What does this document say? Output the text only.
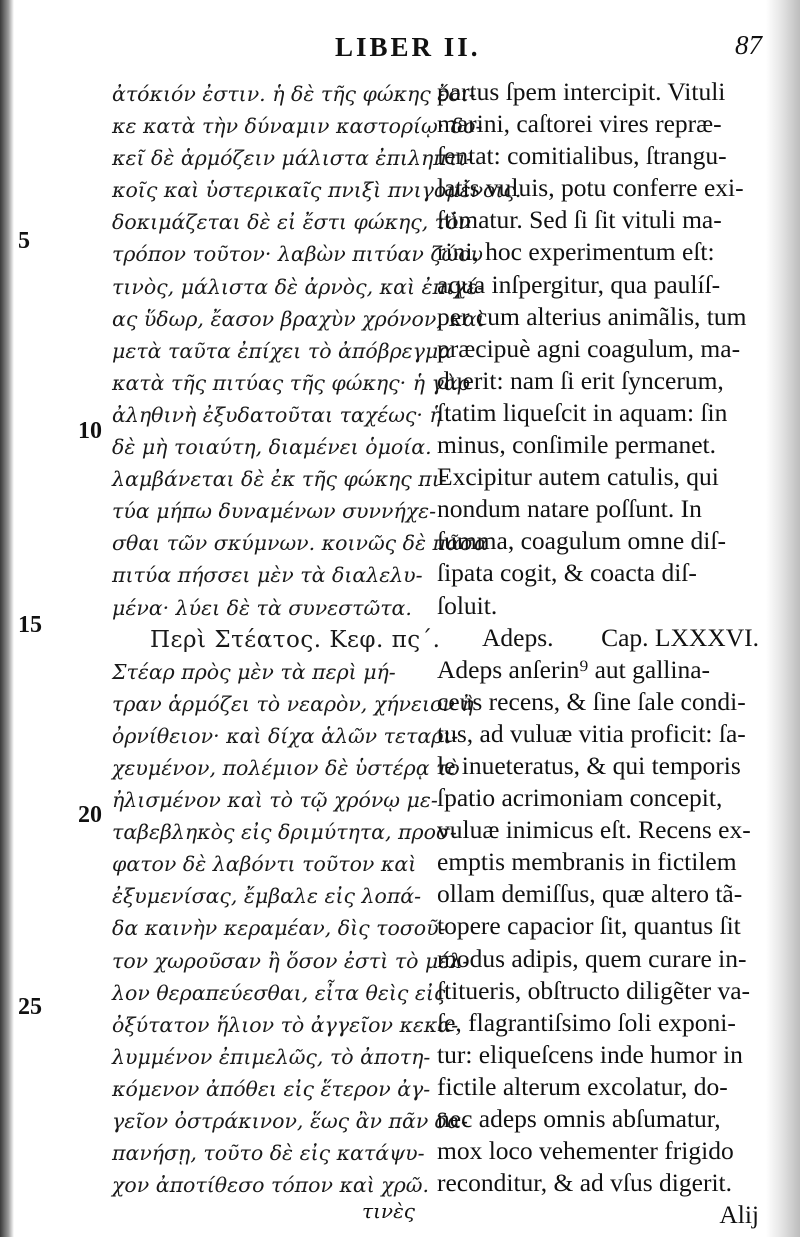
LIBER II.	87
5
10
15
20
25
ἀτόκιόν ἐστιν. ἡ δὲ τῆς φώκης ἔοι-
κε κατὰ τὴν δύναμιν καστορίῳ· δο-
κεῖ δὲ ἁρμόζειν μάλιστα ἐπιληπτι-
κοῖς καὶ ὑστερικαῖς πνιξὶ πνιγομένοις.
δοκιμάζεται δὲ εἰ ἔστι φώκης, τὸν
τρόπον τοῦτον· λαβὼν πιτύαν ζώου
τινὸς, μάλιστα δὲ ἀρνὸς, καὶ ἐπιχέ-
ας ὕδωρ, ἔασον βραχὺν χρόνον, καὶ
μετὰ ταῦτα ἐπίχει τὸ ἀπόβρεγμα
κατὰ τῆς πιτύας τῆς φώκης· ἡ γὰρ
ἀληθινὴ ἐξυδατοῦται ταχέως· ἡ
δὲ μὴ τοιαύτη, διαμένει ὁμοία.
λαμβάνεται δὲ ἐκ τῆς φώκης πι-
τύα μήπω δυναμένων συννήχε-
σθαι τῶν σκύμνων. κοινῶς δὲ πᾶσα
πιτύα πήσσει μὲν τὰ διαλελυ-
μένα· λύει δὲ τὰ συνεστῶτα.
Περὶ Στέατος. Κεφ. πς΄.
Στέαρ πρὸς μὲν τὰ περὶ μή-
τραν ἁρμόζει τὸ νεαρὸν, χήνειον ἢ
ὀρνίθειον· καὶ δίχα ἁλῶν τεταρι-
χευμένον, πολέμιον δὲ ὑστέρᾳ τὸ
ἠλισμένον καὶ τὸ τῷ χρόνῳ με-
ταβεβληκὸς εἰς δριμύτητα, προσ-
φατον δὲ λαβόντι τοῦτον καὶ
ἐξυμενίσας, ἔμβαλε εἰς λοπά-
δα καινὴν κεραμέαν, δὶς τοσοῦ-
τον χωροῦσαν ἢ ὅσον ἐστὶ τὸ μέλ-
λον θεραπεύεσθαι, εἶτα θεὶς εἰς
ὀξύτατον ἥλιον τὸ ἀγγεῖον κεκα-
λυμμένον ἐπιμελῶς, τὸ ἀποτη-
κόμενον ἀπόθει εἰς ἕτερον ἀγ-
γεῖον ὀστράκινον, ἕως ἂν πᾶν δα-
πανήσῃ, τοῦτο δὲ εἰς κατάψυ-
χον ἀποτίθεσο τόπον καὶ χρῶ.
τινὲς
partus ſpem intercipit. Vituli
marini, caſtorei vires repræ-
ſentat: comitialibus, ſtrangu-
latis vuluis, potu conferre exi-
ſtimatur. Sed ſi ſit vituli ma-
rini, hoc experimentum eſt:
aqua inſpergitur, qua paulíſ-
per cum alterius animãlis, tum
præcipuè agni coagulum, ma-
duerit: nam ſi erit ſyncerum,
ſtatim liqueſcit in aquam: ſin
minus, conſimile permanet.
Excipitur autem catulis, qui
nondum natare poſſunt. In
ſumma, coagulum omne diſ-
ſipata cogit, & coacta diſ-
ſoluit.
Adeps. Cap. LXXXVI.
Adeps anſerin⁹ aut gallina-
ceus recens, & ſine ſale condi-
tus, ad vuluæ vitia proficit: ſa-
le inueteratus, & qui temporis
ſpatio acrimoniam concepit,
vuluæ inimicus eſt. Recens ex-
emptis membranis in fictilem
ollam demiſſus, quæ altero tã-
topere capacior ſit, quantus ſit
modus adipis, quem curare in-
ſtitueris, obſtructo diligẽter va-
ſe, flagrantiſsimo ſoli exponi-
tur: eliqueſcens inde humor in
fictile alterum excolatur, do-
nec adeps omnis abſumatur,
mox loco vehementer frigido
reconditur, & ad vſus digerit.
Alij
